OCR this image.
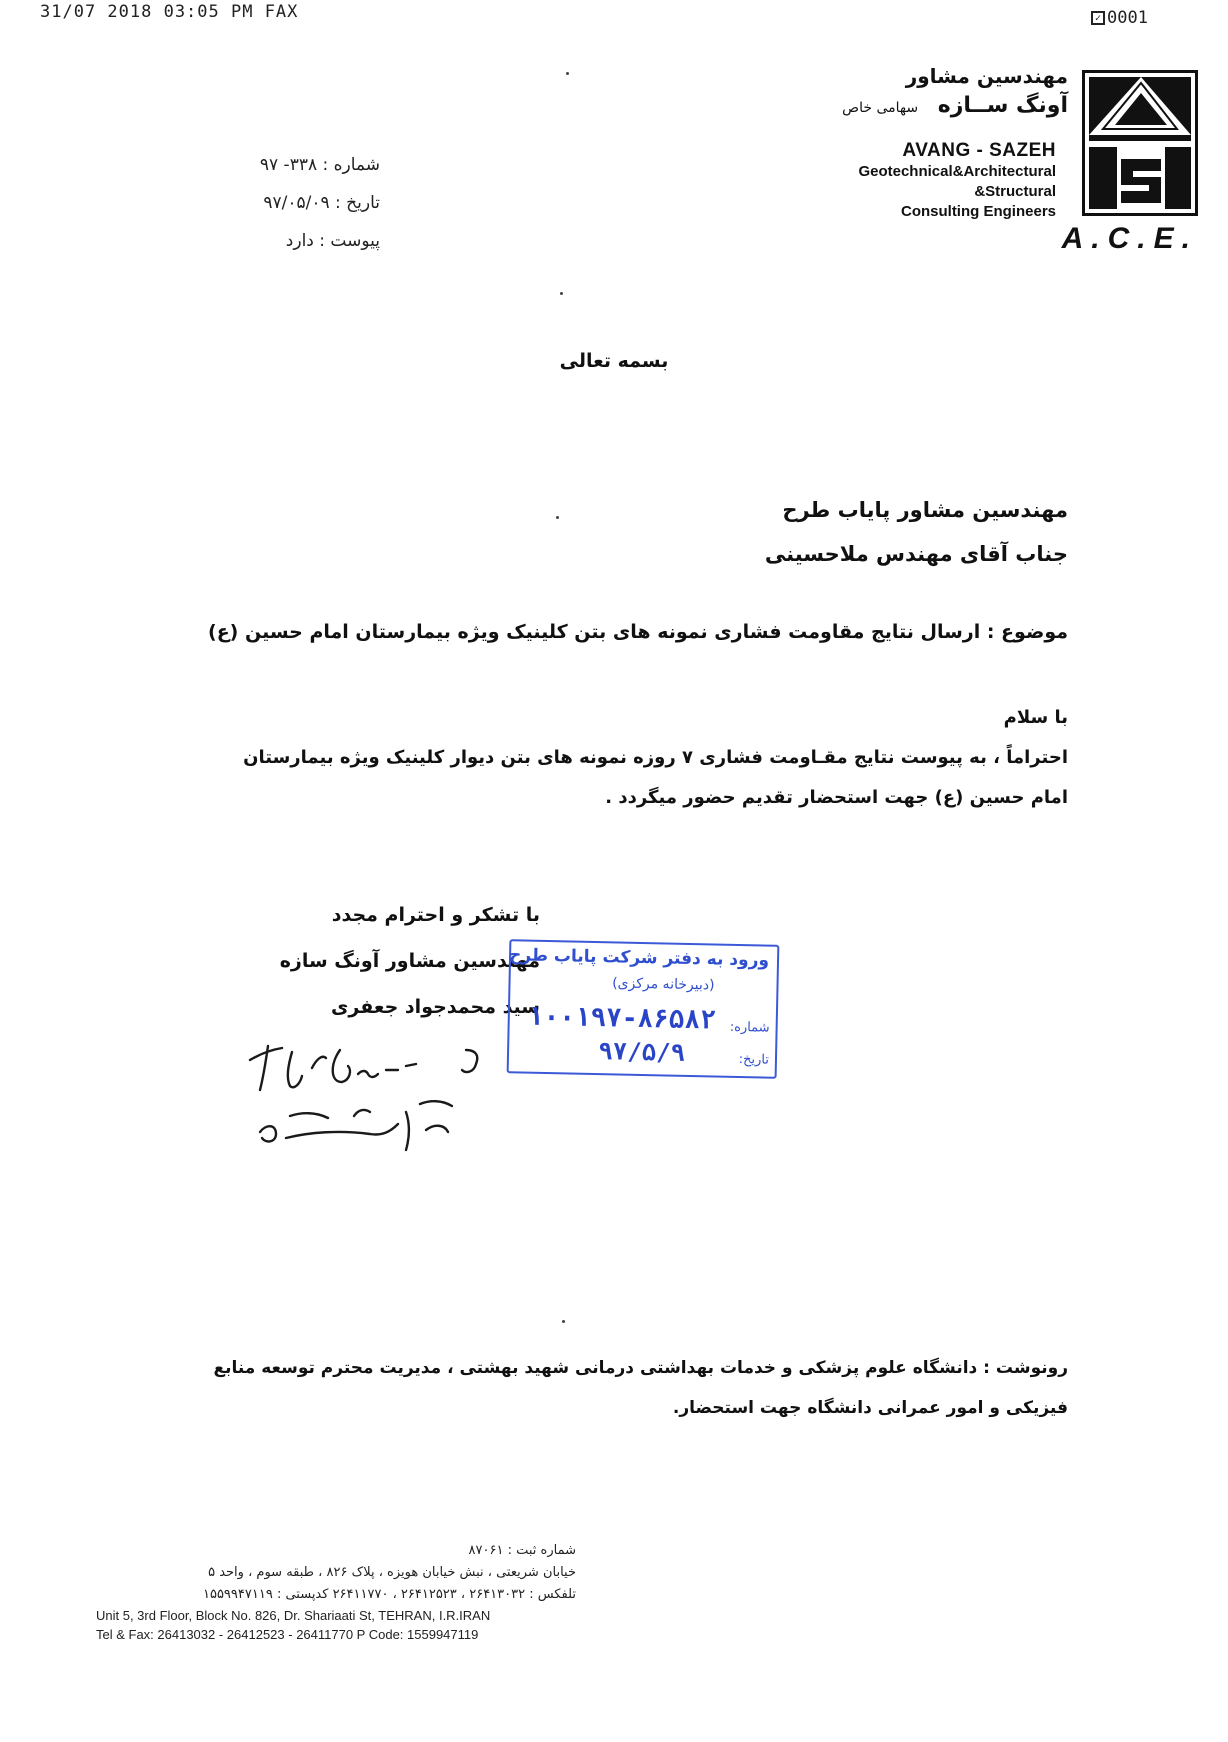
31/07 2018 03:05 PM FAX	✓ 0001
مهندسین مشاور
آونگ ســازه سهامی خاص
AVANG - SAZEH
Geotechnical&Architectural
&Structural
Consulting Engineers
A.C.E.
شماره : ۳۳۸- ۹۷
تاریخ : ۹۷/۰۵/۰۹
پیوست : دارد
بسمه تعالی
مهندسین مشاور پایاب طرح
جناب آقای مهندس ملاحسینی
موضوع : ارسال نتایج مقاومت فشاری نمونه های بتن کلینیک ویژه بیمارستان امام حسین (ع)

با سلام

احتراماً ، به پیوست نتایج مقـاومت فشاری ۷ روزه نمونه های بتن دیوار کلینیک ویژه بیمارستان

امام حسین (ع) جهت استحضار تقدیم حضور میگردد .

با تشکر و احترام مجدد
مهندسین مشاور آونگ سازه
سید محمدجواد جعفری
ورود به دفتر شرکت پایاب طرح
(دبیرخانه مرکزی)
شماره:
۱۰۰۱۹۷-۸۶۵۸۲
تاریخ:
۹۷/۵/۹
رونوشت : دانشگاه علوم پزشکی و خدمات بهداشتی درمانی شهید بهشتی ، مدیریت محترم توسعه منابع
فیزیکی و امور عمرانی دانشگاه جهت استحضار.
شماره ثبت : ۸۷۰۶۱
خیابان شریعتی ، نبش خیابان هویزه ، پلاک ۸۲۶ ، طبقه سوم ، واحد ۵
تلفکس : ۲۶۴۱۳۰۳۲ ، ۲۶۴۱۲۵۲۳ ، ۲۶۴۱۱۷۷۰ کدپستی : ۱۵۵۹۹۴۷۱۱۹
Unit 5, 3rd Floor, Block No. 826, Dr. Shariaati St, TEHRAN, I.R.IRAN
Tel & Fax: 26413032 - 26412523 - 26411770 P Code: 1559947119
